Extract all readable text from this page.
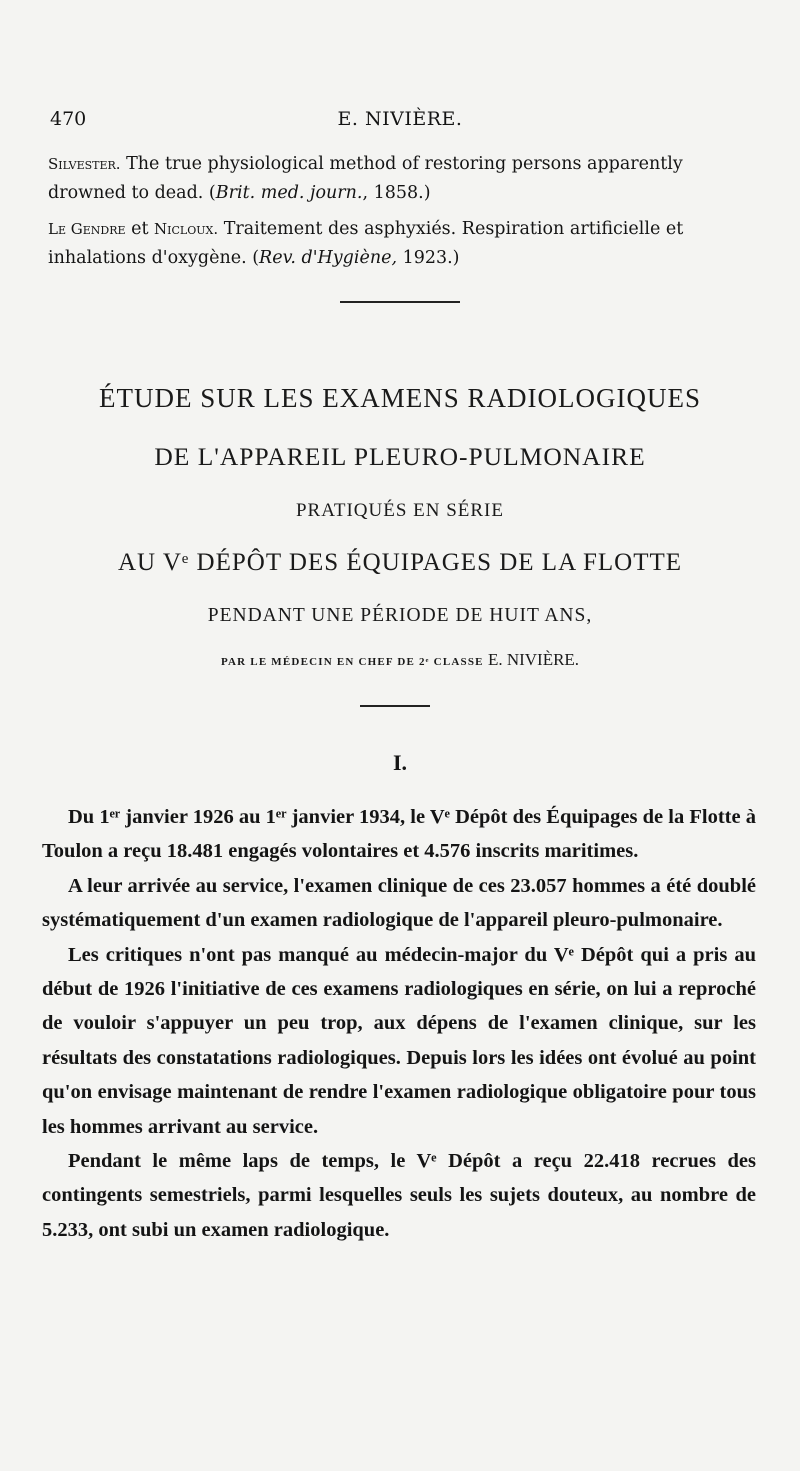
470	E. NIVIÈRE.
Silvester. The true physiological method of restoring persons apparently drowned to dead. (Brit. med. journ., 1858.)
Le Gendre et Nicloux. Traitement des asphyxiés. Respiration artificielle et inhalations d'oxygène. (Rev. d'Hygiène, 1923.)
ÉTUDE SUR LES EXAMENS RADIOLOGIQUES
DE L'APPAREIL PLEURO-PULMONAIRE
PRATIQUÉS EN SÉRIE
AU Vᵉ DÉPÔT DES ÉQUIPAGES DE LA FLOTTE
PENDANT UNE PÉRIODE DE HUIT ANS,
PAR LE MÉDECIN EN CHEF DE 2ᵉ CLASSE E. NIVIÈRE.
I.

Du 1ᵉʳ janvier 1926 au 1ᵉʳ janvier 1934, le Vᵉ Dépôt des Équipages de la Flotte à Toulon a reçu 18.481 engagés volontaires et 4.576 inscrits maritimes.

A leur arrivée au service, l'examen clinique de ces 23.057 hommes a été doublé systématiquement d'un examen radiologique de l'appareil pleuro-pulmonaire.

Les critiques n'ont pas manqué au médecin-major du Vᵉ Dépôt qui a pris au début de 1926 l'initiative de ces examens radiologiques en série, on lui a reproché de vouloir s'appuyer un peu trop, aux dépens de l'examen clinique, sur les résultats des constatations radiologiques. Depuis lors les idées ont évolué au point qu'on envisage maintenant de rendre l'examen radiologique obligatoire pour tous les hommes arrivant au service.

Pendant le même laps de temps, le Vᵉ Dépôt a reçu 22.418 recrues des contingents semestriels, parmi lesquelles seuls les sujets douteux, au nombre de 5.233, ont subi un examen radiologique.
